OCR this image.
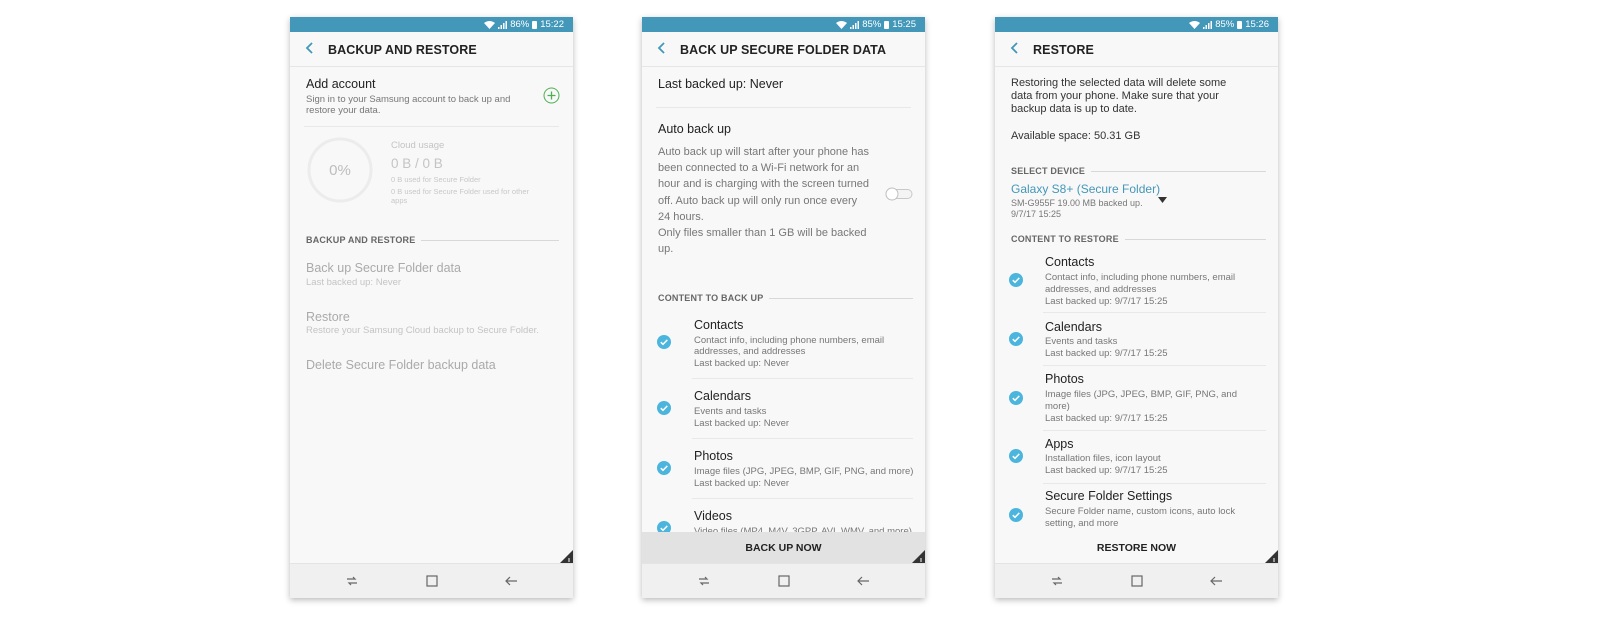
86% 15:22
BACKUP AND RESTORE
Add account
Sign in to your Samsung account to back up and
restore your data.
0%
Cloud usage
0 B / 0 B
0 B used for Secure Folder
0 B used for Secure Folder used for other
apps
BACKUP AND RESTORE
Back up Secure Folder data
Last backed up: Never
Restore
Restore your Samsung Cloud backup to Secure Folder.
Delete Secure Folder backup data
85% 15:25
BACK UP SECURE FOLDER DATA
Last backed up: Never
Auto back up
Auto back up will start after your phone has
been connected to a Wi-Fi network for an
hour and is charging with the screen turned
off. Auto back up will only run once every
24 hours.
Only files smaller than 1 GB will be backed
up.
CONTENT TO BACK UP
Contacts
Contact info, including phone numbers, email
addresses, and addresses
Last backed up: Never
Calendars
Events and tasks
Last backed up: Never
Photos
Image files (JPG, JPEG, BMP, GIF, PNG, and more)
Last backed up: Never
Videos
BACK UP NOW
85% 15:26
RESTORE
Restoring the selected data will delete some
data from your phone. Make sure that your
backup data is up to date.
Available space: 50.31 GB
SELECT DEVICE
Galaxy S8+ (Secure Folder)
SM-G955F 19.00 MB backed up.
9/7/17 15:25
CONTENT TO RESTORE
Contacts
Contact info, including phone numbers, email
addresses, and addresses
Last backed up: 9/7/17 15:25
Calendars
Events and tasks
Last backed up: 9/7/17 15:25
Photos
Image files (JPG, JPEG, BMP, GIF, PNG, and
more)
Last backed up: 9/7/17 15:25
Apps
Installation files, icon layout
Last backed up: 9/7/17 15:25
Secure Folder Settings
Secure Folder name, custom icons, auto lock
setting, and more
RESTORE NOW
